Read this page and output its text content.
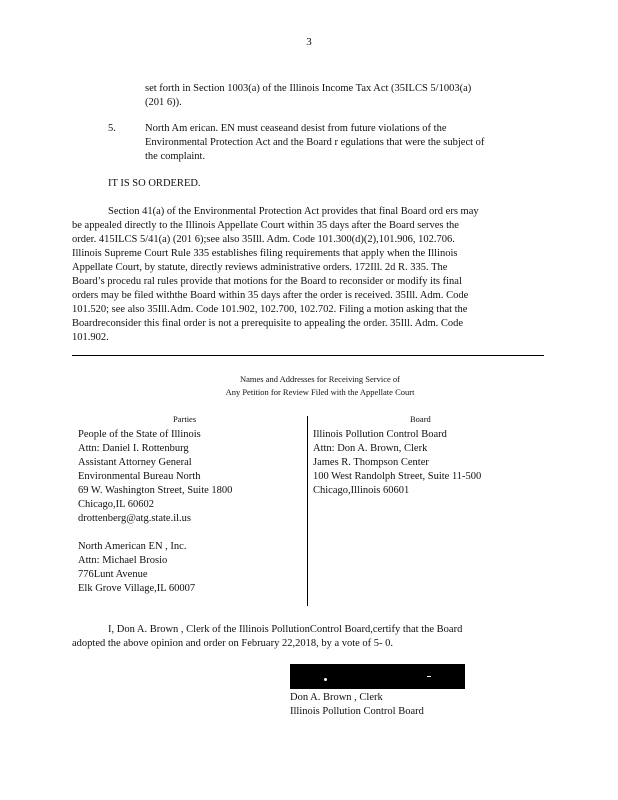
3
set forth in Section 1003(a) of the Illinois Income Tax Act (35ILCS 5/1003(a)
(201 6)).
5.	North Am erican. EN must ceaseand desist from future violations of the
Environmental Protection Act and the Board r egulations that were the subject of
the complaint.
IT IS SO ORDERED.
Section 41(a) of the Environmental Protection Act provides that final Board ord ers may
be appealed directly to the Illinois Appellate Court within 35 days after the Board serves the
order. 415ILCS 5/41(a) (201 6);see also 35Ill. Adm. Code 101.300(d)(2),101.906, 102.706.
Illinois Supreme Court Rule 335 establishes filing requirements that apply when the Illinois
Appellate Court, by statute, directly reviews administrative orders. 172Ill. 2d R. 335. The
Board’s procedu ral rules provide that motions for the Board to reconsider or modify its final
orders may be filed withthe Board within 35 days after the order is received. 35Ill. Adm. Code
101.520; see also 35Ill.Adm. Code 101.902, 102.700, 102.702. Filing a motion asking that the
Boardreconsider this final order is not a prerequisite to appealing the order. 35Ill. Adm. Code
101.902.
Names and Addresses for Receiving Service of
Any Petition for Review Filed with the Appellate Court
Parties	Board
People of the State of Illinois
Attn: Daniel I. Rottenburg
Assistant Attorney General
Environmental Bureau North
69 W. Washington Street, Suite 1800
Chicago,IL 60602
drottenberg@atg.state.il.us
North American EN , Inc.
Attn: Michael Brosio
776Lunt Avenue
Elk Grove Village,IL 60007
Illinois Pollution Control Board
Attn: Don A. Brown, Clerk
James R. Thompson Center
100 West Randolph Street, Suite 11-500
Chicago,Illinois 60601
I, Don A. Brown , Clerk of the Illinois PollutionControl Board,certify that the Board
adopted the above opinion and order on February 22,2018, by a vote of 5- 0.
Don A. Brown , Clerk
Illinois Pollution Control Board
